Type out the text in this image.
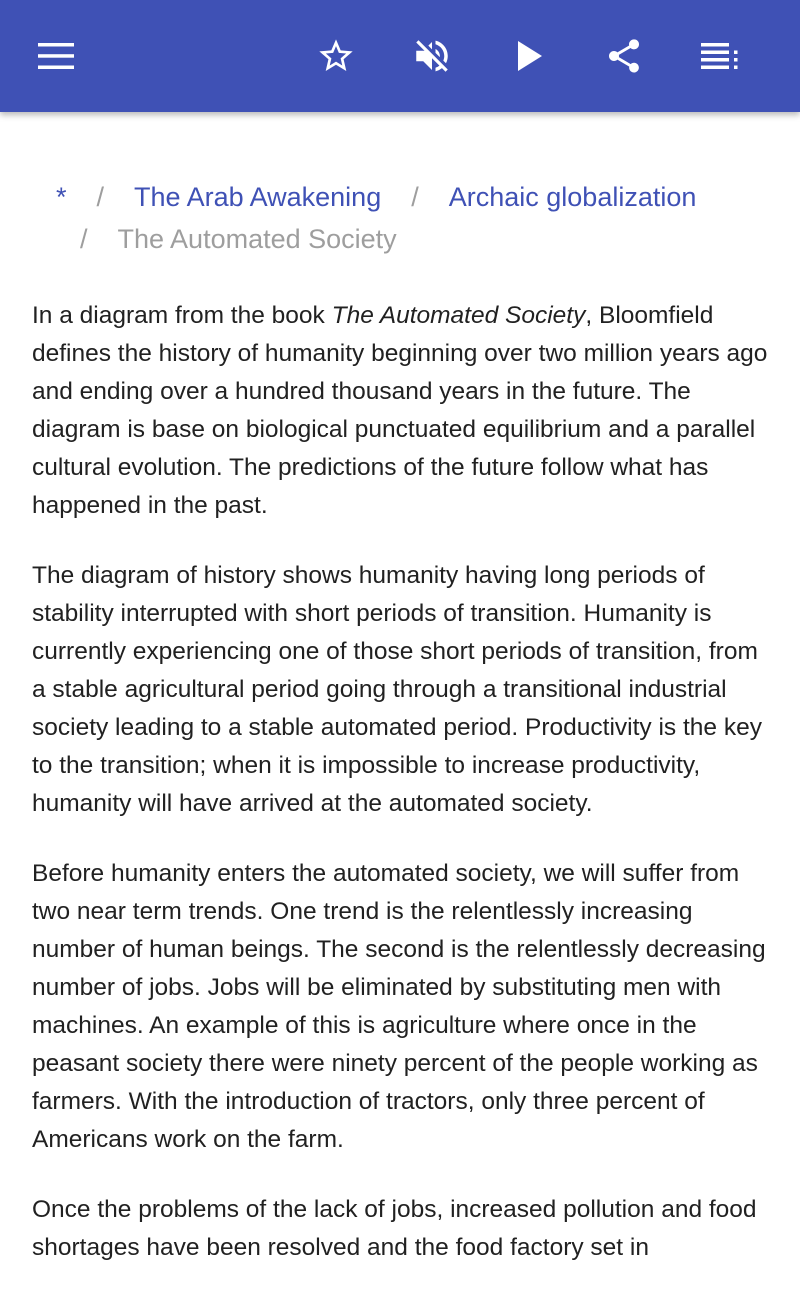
* / The Arab Awakening / Archaic globalization
/ The Automated Society

In a diagram from the book The Automated Society, Bloomfield defines the history of humanity beginning over two million years ago and ending over a hundred thousand years in the future. The diagram is base on biological punctuated equilibrium and a parallel cultural evolution. The predictions of the future follow what has happened in the past.

The diagram of history shows humanity having long periods of stability interrupted with short periods of transition. Humanity is currently experiencing one of those short periods of transition, from a stable agricultural period going through a transitional industrial society leading to a stable automated period. Productivity is the key to the transition; when it is impossible to increase productivity, humanity will have arrived at the automated society.

Before humanity enters the automated society, we will suffer from two near term trends. One trend is the relentlessly increasing number of human beings. The second is the relentlessly decreasing number of jobs. Jobs will be eliminated by substituting men with machines. An example of this is agriculture where once in the peasant society there were ninety percent of the people working as farmers. With the introduction of tractors, only three percent of Americans work on the farm.

Once the problems of the lack of jobs, increased pollution and food shortages have been resolved and the food factory set in
